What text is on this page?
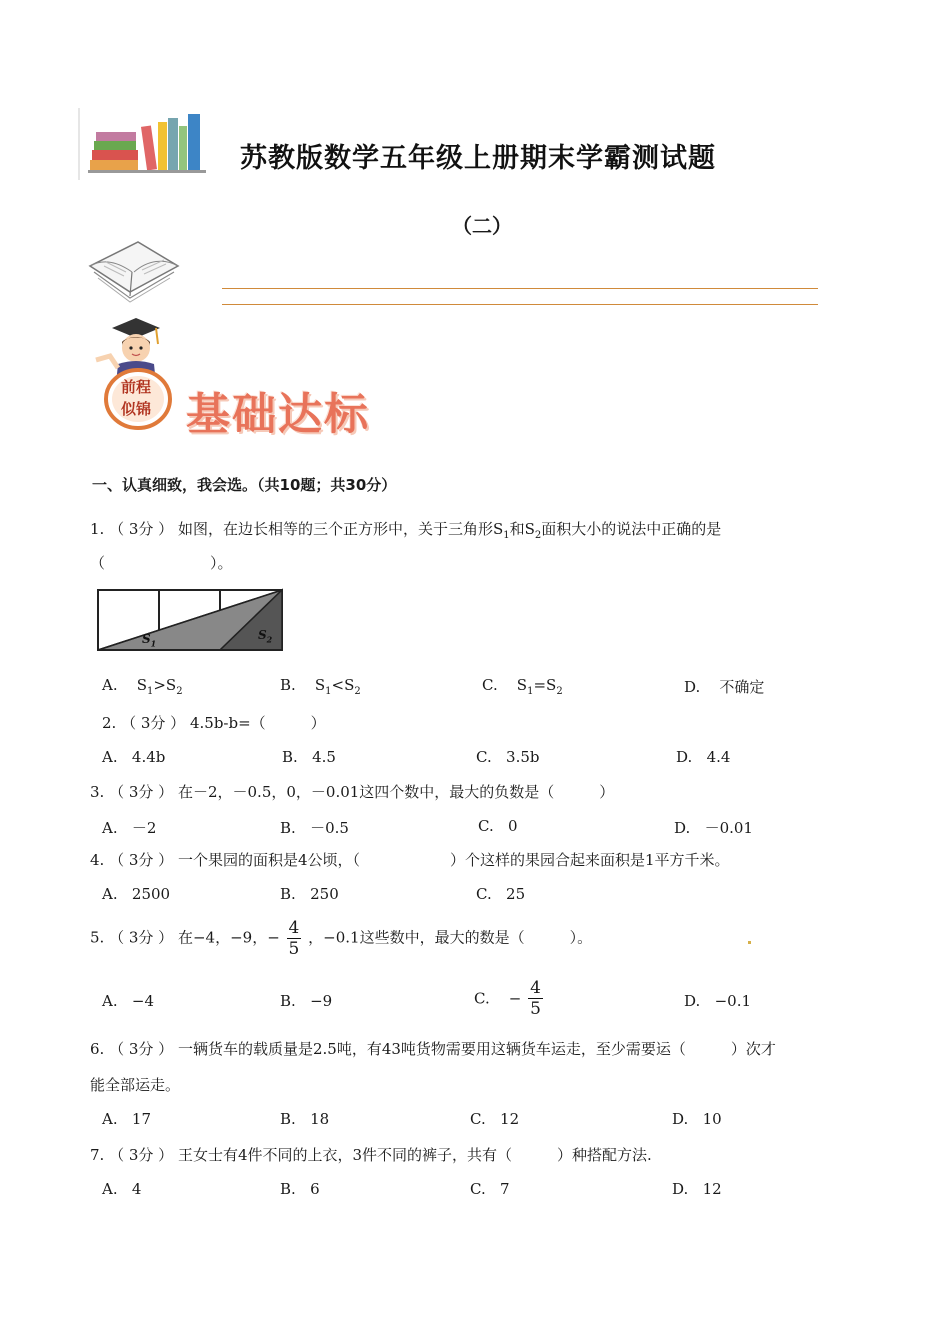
苏教版数学五年级上册期末学霸测试题
（二）
前程
似锦 基础达标
一、认真细致，我会选。（共10题；共30分）
1. （ 3分 ） 如图，在边长相等的三个正方形中，关于三角形$S_1$和$S_2$面积大小的说法中正确的是
（　　　　　　　）。
$S_1$
$S_2$
A. $S_1>S_2$	B. $S_1<S_2$	C. $S_1=S_2$	D. 不确定
2. （ 3分 ） 4.5b-b=（　　　）
A. 4.4b	B. 4.5	C. 3.5b	D. 4.4
3. （ 3分 ） 在－2，－0.5，0，－0.01这四个数中，最大的负数是（　　　）
A. －2	B. －0.5	C. 0	D. －0.01
4. （ 3分 ） 一个果园的面积是4公顷，（　　　　　　）个这样的果园合起来面积是1平方千米。
A. 2500	B. 250	C. 25
5. （ 3分 ） 在−4，−9，− $\frac{4}{5}$ ，−0.1这些数中，最大的数是（　　　）。
A. −4	B. −9	C. − $\frac{4}{5}$	D. −0.1
6. （ 3分 ） 一辆货车的载质量是2.5吨，有43吨货物需要用这辆货车运走，至少需要运（　　　）次才
能全部运走。
A. 17	B. 18	C. 12	D. 10
7. （ 3分 ） 王女士有4件不同的上衣，3件不同的裤子，共有（　　　）种搭配方法.
A. 4	B. 6	C. 7	D. 12
